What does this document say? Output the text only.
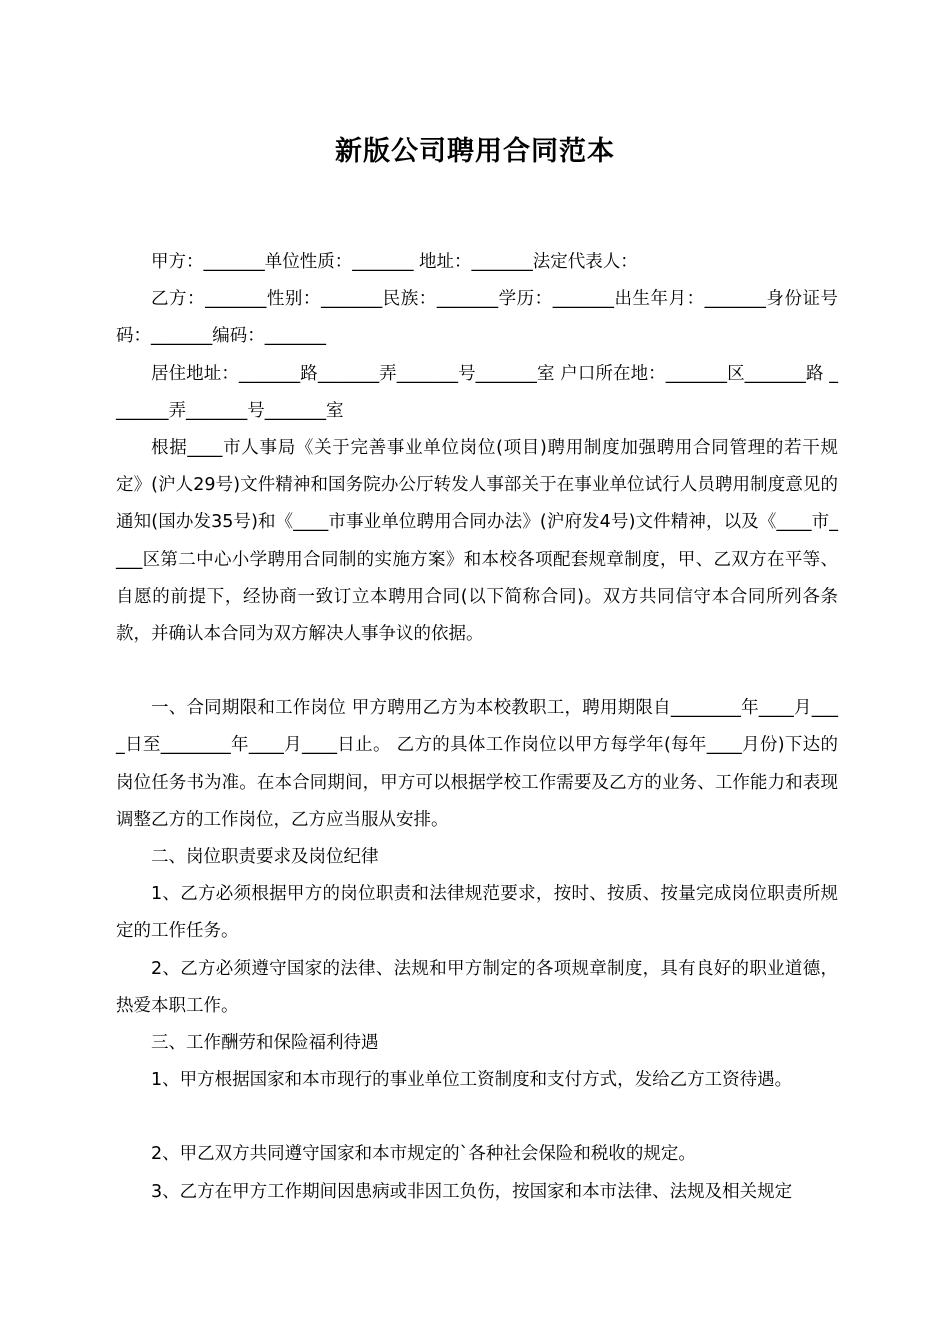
新版公司聘用合同范本

甲方：_______单位性质：_______ 地址：_______法定代表人：

乙方：_______性别：_______民族：_______学历：_______出生年月：_______身份证号码：_______编码：_______

居住地址：_______路_______弄_______号_______室 户口所在地：_______区_______路 _______弄_______号_______室

根据____市人事局《关于完善事业单位岗位(项目)聘用制度加强聘用合同管理的若干规定》(沪人29号)文件精神和国务院办公厅转发人事部关于在事业单位试行人员聘用制度意见的通知(国办发35号)和《____市事业单位聘用合同办法》(沪府发4号)文件精神，以及《____市____区第二中心小学聘用合同制的实施方案》和本校各项配套规章制度，甲、乙双方在平等、自愿的前提下，经协商一致订立本聘用合同(以下简称合同)。双方共同信守本合同所列各条款，并确认本合同为双方解决人事争议的依据。

一、合同期限和工作岗位 甲方聘用乙方为本校教职工，聘用期限自________年____月____日至________年____月____日止。 乙方的具体工作岗位以甲方每学年(每年____月份)下达的岗位任务书为准。在本合同期间，甲方可以根据学校工作需要及乙方的业务、工作能力和表现调整乙方的工作岗位，乙方应当服从安排。

二、岗位职责要求及岗位纪律

1、乙方必须根据甲方的岗位职责和法律规范要求，按时、按质、按量完成岗位职责所规定的工作任务。

2、乙方必须遵守国家的法律、法规和甲方制定的各项规章制度，具有良好的职业道德，热爱本职工作。

三、工作酬劳和保险福利待遇

1、甲方根据国家和本市现行的事业单位工资制度和支付方式，发给乙方工资待遇。

2、甲乙双方共同遵守国家和本市规定的`各种社会保险和税收的规定。

3、乙方在甲方工作期间因患病或非因工负伤，按国家和本市法律、法规及相关规定
